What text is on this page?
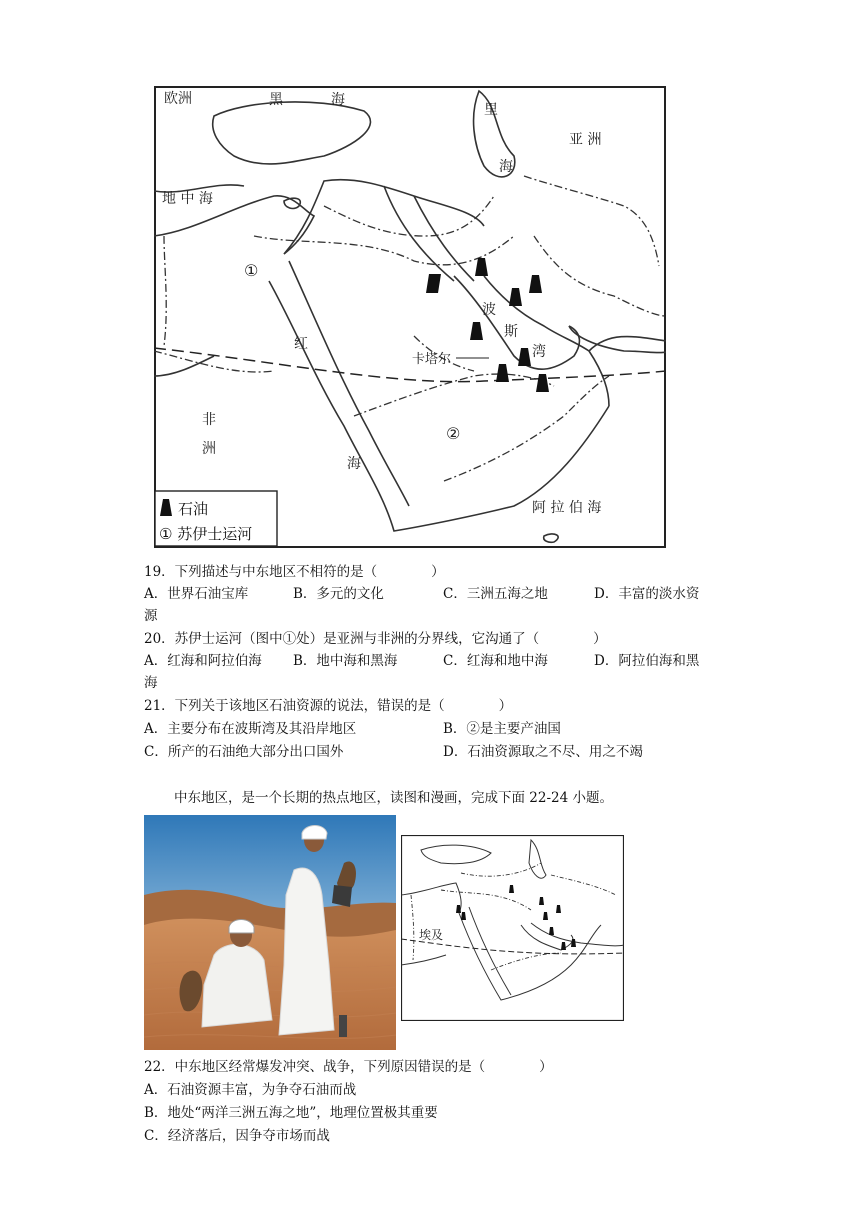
欧洲	黑	海
里
海
亚 洲
地 中 海
①
红
海
波
斯
湾
卡塔尔
非
洲
②
阿 拉 伯 海
石油
① 苏伊士运河
19．下列描述与中东地区不相符的是（　　　　）
A．世界石油宝库	B．多元的文化	C．三洲五海之地	D．丰富的淡水资
源
20．苏伊士运河（图中①处）是亚洲与非洲的分界线，它沟通了（　　　　）
A．红海和阿拉伯海 B．地中海和黑海	C．红海和地中海	D．阿拉伯海和黑
海
21．下列关于该地区石油资源的说法，错误的是（　　　　）
A．主要分布在波斯湾及其沿岸地区	B．②是主要产油国
C．所产的石油绝大部分出口国外	D．石油资源取之不尽、用之不竭
中东地区，是一个长期的热点地区，读图和漫画，完成下面 22-24 小题。
埃及
22．中东地区经常爆发冲突、战争，下列原因错误的是（　　　　）
A．石油资源丰富，为争夺石油而战
B．地处“两洋三洲五海之地”，地理位置极其重要
C．经济落后，因争夺市场而战
